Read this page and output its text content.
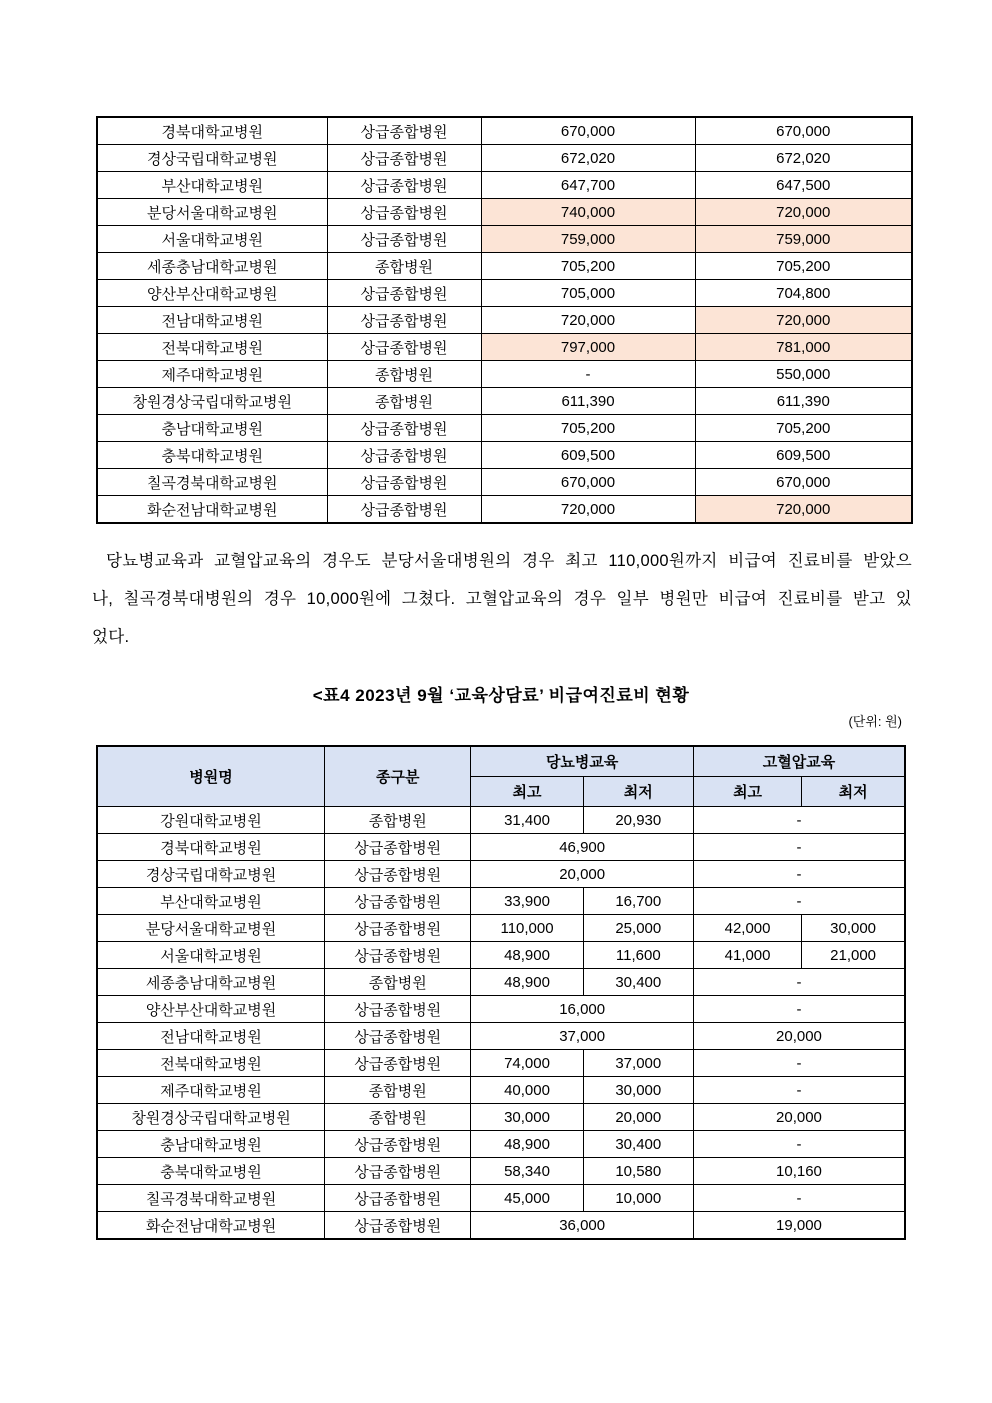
경북대학교병원	상급종합병원	670,000	670,000
경상국립대학교병원	상급종합병원	672,020	672,020
부산대학교병원	상급종합병원	647,700	647,500
분당서울대학교병원	상급종합병원	740,000	720,000
서울대학교병원	상급종합병원	759,000	759,000
세종충남대학교병원	종합병원	705,200	705,200
양산부산대학교병원	상급종합병원	705,000	704,800
전남대학교병원	상급종합병원	720,000	720,000
전북대학교병원	상급종합병원	797,000	781,000
제주대학교병원	종합병원	-	550,000
창원경상국립대학교병원	종합병원	611,390	611,390
충남대학교병원	상급종합병원	705,200	705,200
충북대학교병원	상급종합병원	609,500	609,500
칠곡경북대학교병원	상급종합병원	670,000	670,000
화순전남대학교병원	상급종합병원	720,000	720,000

당뇨병교육과 교혈압교육의 경우도 분당서울대병원의 경우 최고 110,000원까지 비급여 진료비를 받았으나, 칠곡경북대병원의 경우 10,000원에 그쳤다. 고혈압교육의 경우 일부 병원만 비급여 진료비를 받고 있었다.

<표4 2023년 9월 ‘교육상담료’ 비급여진료비 현황
(단위: 원)
병원명	종구분	당뇨병교육		고혈압교육	
		최고	최저	최고	최저
강원대학교병원	종합병원	31,400	20,930	-	
경북대학교병원	상급종합병원	46,900		-	
경상국립대학교병원	상급종합병원	20,000		-	
부산대학교병원	상급종합병원	33,900	16,700	-	
분당서울대학교병원	상급종합병원	110,000	25,000	42,000	30,000
서울대학교병원	상급종합병원	48,900	11,600	41,000	21,000
세종충남대학교병원	종합병원	48,900	30,400	-	
양산부산대학교병원	상급종합병원	16,000		-	
전남대학교병원	상급종합병원	37,000		20,000	
전북대학교병원	상급종합병원	74,000	37,000	-	
제주대학교병원	종합병원	40,000	30,000	-	
창원경상국립대학교병원	종합병원	30,000	20,000	20,000	
충남대학교병원	상급종합병원	48,900	30,400	-	
충북대학교병원	상급종합병원	58,340	10,580	10,160	
칠곡경북대학교병원	상급종합병원	45,000	10,000	-	
화순전남대학교병원	상급종합병원	36,000		19,000	
